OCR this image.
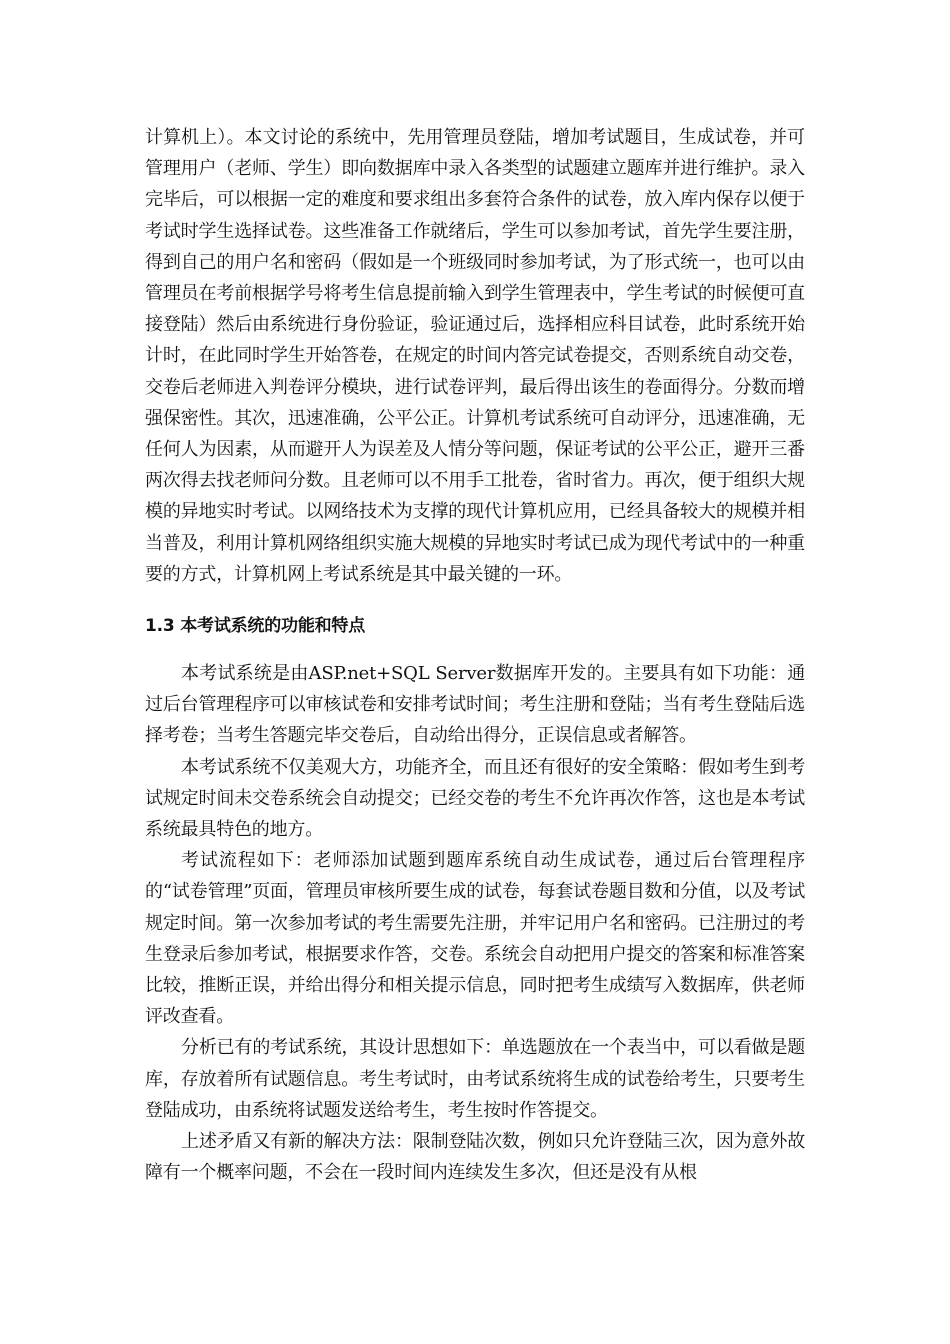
计算机上）。本文讨论的系统中，先用管理员登陆，增加考试题目，生成试卷，并可管理用户（老师、学生）即向数据库中录入各类型的试题建立题库并进行维护。录入完毕后，可以根据一定的难度和要求组出多套符合条件的试卷，放入库内保存以便于考试时学生选择试卷。这些准备工作就绪后，学生可以参加考试，首先学生要注册，得到自己的用户名和密码（假如是一个班级同时参加考试，为了形式统一，也可以由管理员在考前根据学号将考生信息提前输入到学生管理表中，学生考试的时候便可直接登陆）然后由系统进行身份验证，验证通过后，选择相应科目试卷，此时系统开始计时，在此同时学生开始答卷，在规定的时间内答完试卷提交，否则系统自动交卷，交卷后老师进入判卷评分模块，进行试卷评判，最后得出该生的卷面得分。分数而增强保密性。其次，迅速准确，公平公正。计算机考试系统可自动评分，迅速准确，无任何人为因素，从而避开人为误差及人情分等问题，保证考试的公平公正，避开三番两次得去找老师问分数。且老师可以不用手工批卷，省时省力。再次，便于组织大规模的异地实时考试。以网络技术为支撑的现代计算机应用，已经具备较大的规模并相当普及，利用计算机网络组织实施大规模的异地实时考试已成为现代考试中的一种重要的方式，计算机网上考试系统是其中最关键的一环。

1.3 本考试系统的功能和特点

本考试系统是由ASP.net+SQL Server数据库开发的。主要具有如下功能：通过后台管理程序可以审核试卷和安排考试时间；考生注册和登陆；当有考生登陆后选择考卷；当考生答题完毕交卷后，自动给出得分，正误信息或者解答。

本考试系统不仅美观大方，功能齐全，而且还有很好的安全策略：假如考生到考试规定时间未交卷系统会自动提交；已经交卷的考生不允许再次作答，这也是本考试系统最具特色的地方。

考试流程如下：老师添加试题到题库系统自动生成试卷，通过后台管理程序的“试卷管理”页面，管理员审核所要生成的试卷，每套试卷题目数和分值，以及考试规定时间。第一次参加考试的考生需要先注册，并牢记用户名和密码。已注册过的考生登录后参加考试，根据要求作答，交卷。系统会自动把用户提交的答案和标准答案比较，推断正误，并给出得分和相关提示信息，同时把考生成绩写入数据库，供老师评改查看。

分析已有的考试系统，其设计思想如下：单选题放在一个表当中，可以看做是题库，存放着所有试题信息。考生考试时，由考试系统将生成的试卷给考生，只要考生登陆成功，由系统将试题发送给考生，考生按时作答提交。

上述矛盾又有新的解决方法：限制登陆次数，例如只允许登陆三次，因为意外故障有一个概率问题，不会在一段时间内连续发生多次，但还是没有从根
